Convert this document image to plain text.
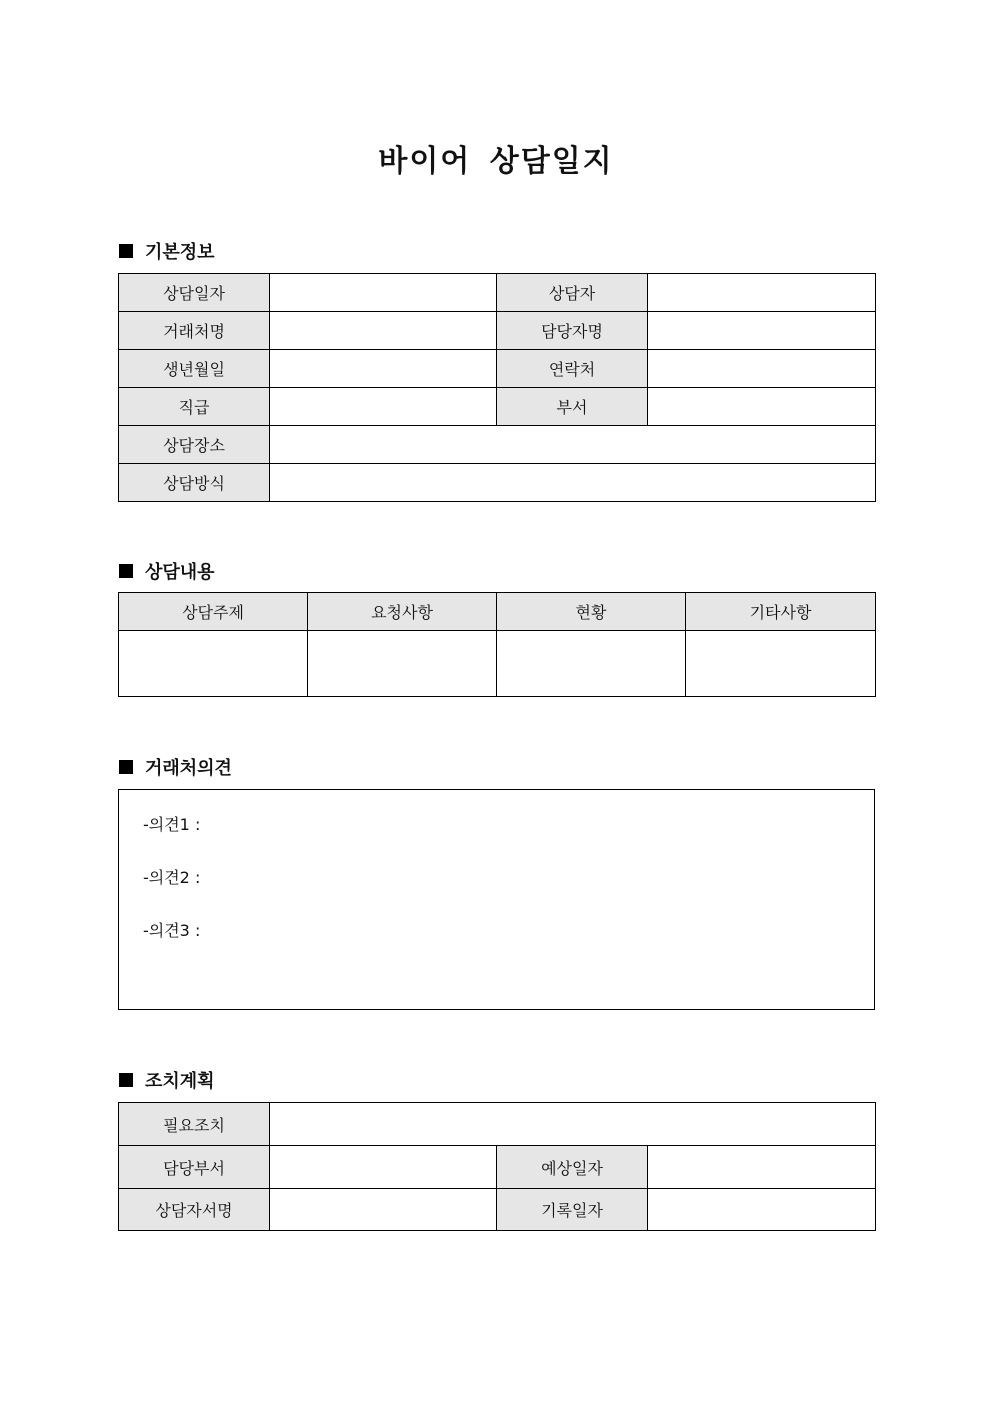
바이어 상담일지
기본정보
상담일자		상담자	
거래처명		담당자명	
생년월일		연락처	
직급		부서	
상담장소			
상담방식			
상담내용
상담주제	요청사항	현황	기타사항

거래처의견
-의견1 :
-의견2 :
-의견3 :
조치계획
필요조치			
담당부서		예상일자	
상담자서명		기록일자	
